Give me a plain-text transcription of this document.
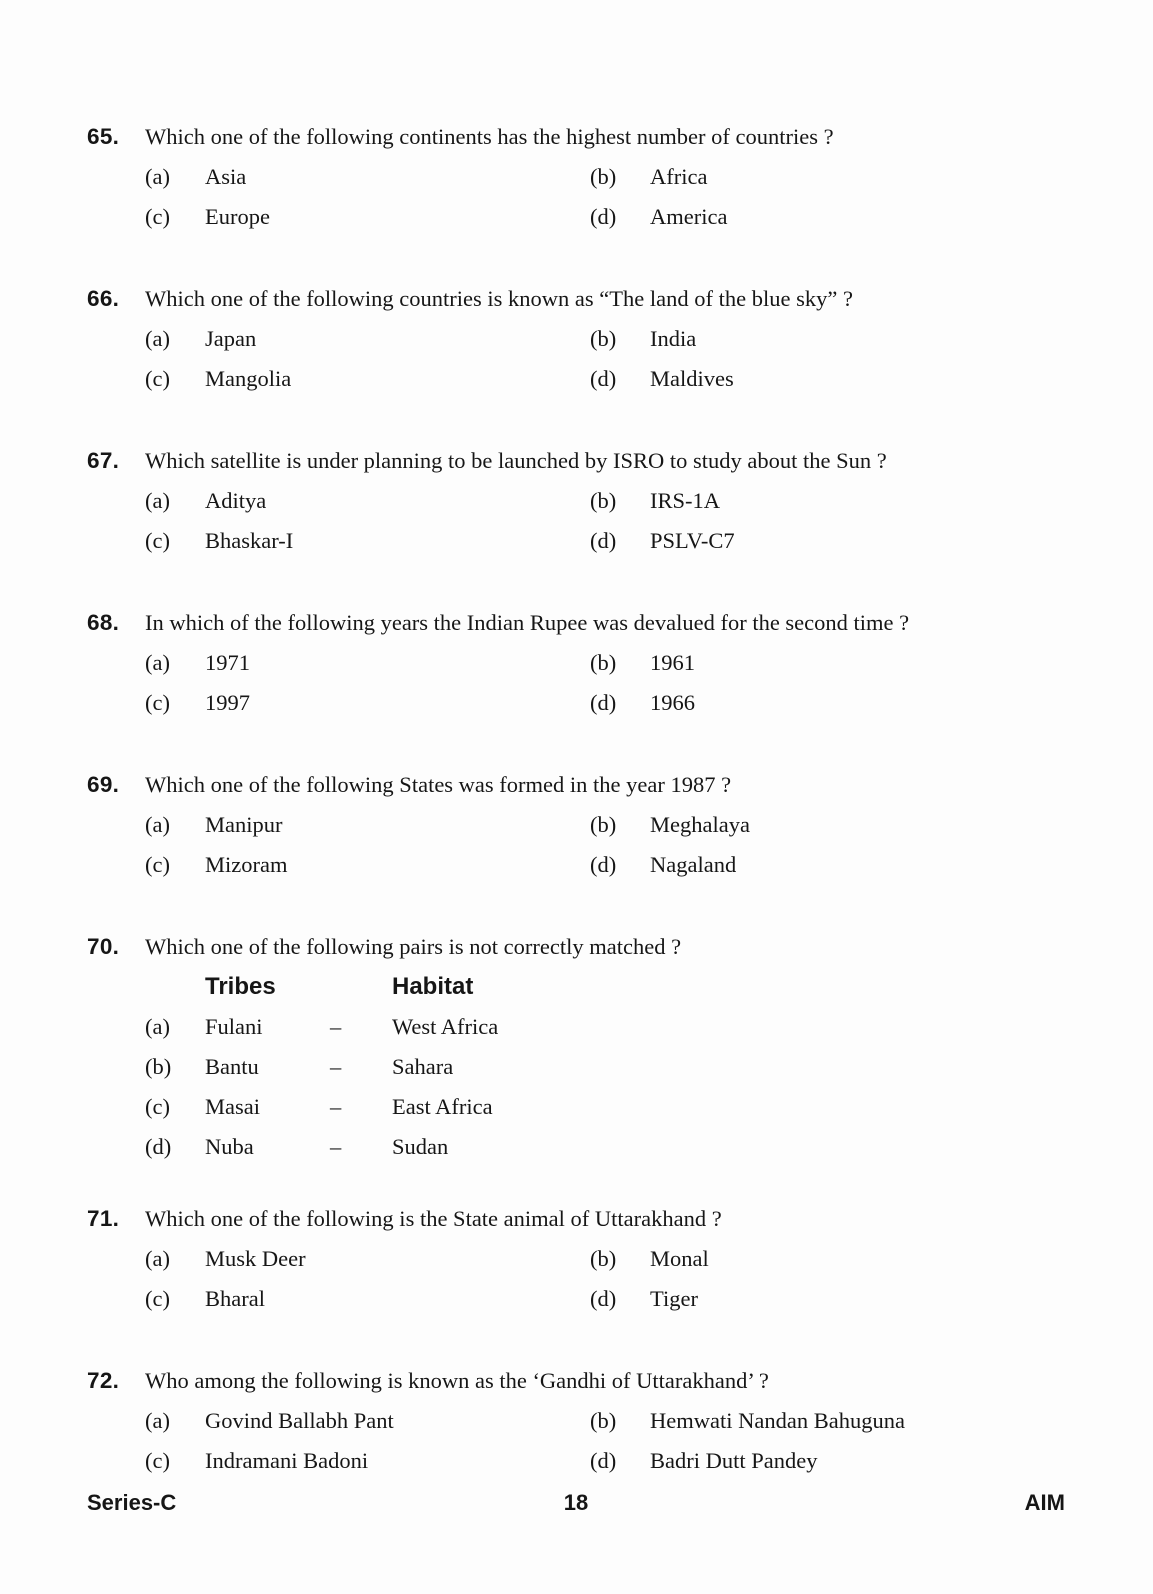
65.	Which one of the following continents has the highest number of countries ?
(a)	Asia	(b)	Africa
(c)	Europe	(d)	America
66.	Which one of the following countries is known as “The land of the blue sky” ?
(a)	Japan	(b)	India
(c)	Mangolia	(d)	Maldives
67.	Which satellite is under planning to be launched by ISRO to study about the Sun ?
(a)	Aditya	(b)	IRS-1A
(c)	Bhaskar-I	(d)	PSLV-C7
68.	In which of the following years the Indian Rupee was devalued for the second time ?
(a)	1971	(b)	1961
(c)	1997	(d)	1966
69.	Which one of the following States was formed in the year 1987 ?
(a)	Manipur	(b)	Meghalaya
(c)	Mizoram	(d)	Nagaland
70.	Which one of the following pairs is not correctly matched ?
Tribes	Habitat
(a)	Fulani	–	West Africa
(b)	Bantu	–	Sahara
(c)	Masai	–	East Africa
(d)	Nuba	–	Sudan
71.	Which one of the following is the State animal of Uttarakhand ?
(a)	Musk Deer	(b)	Monal
(c)	Bharal	(d)	Tiger
72.	Who among the following is known as the ‘Gandhi of Uttarakhand’ ?
(a)	Govind Ballabh Pant	(b)	Hemwati Nandan Bahuguna
(c)	Indramani Badoni	(d)	Badri Dutt Pandey
Series-C	18	AIM
